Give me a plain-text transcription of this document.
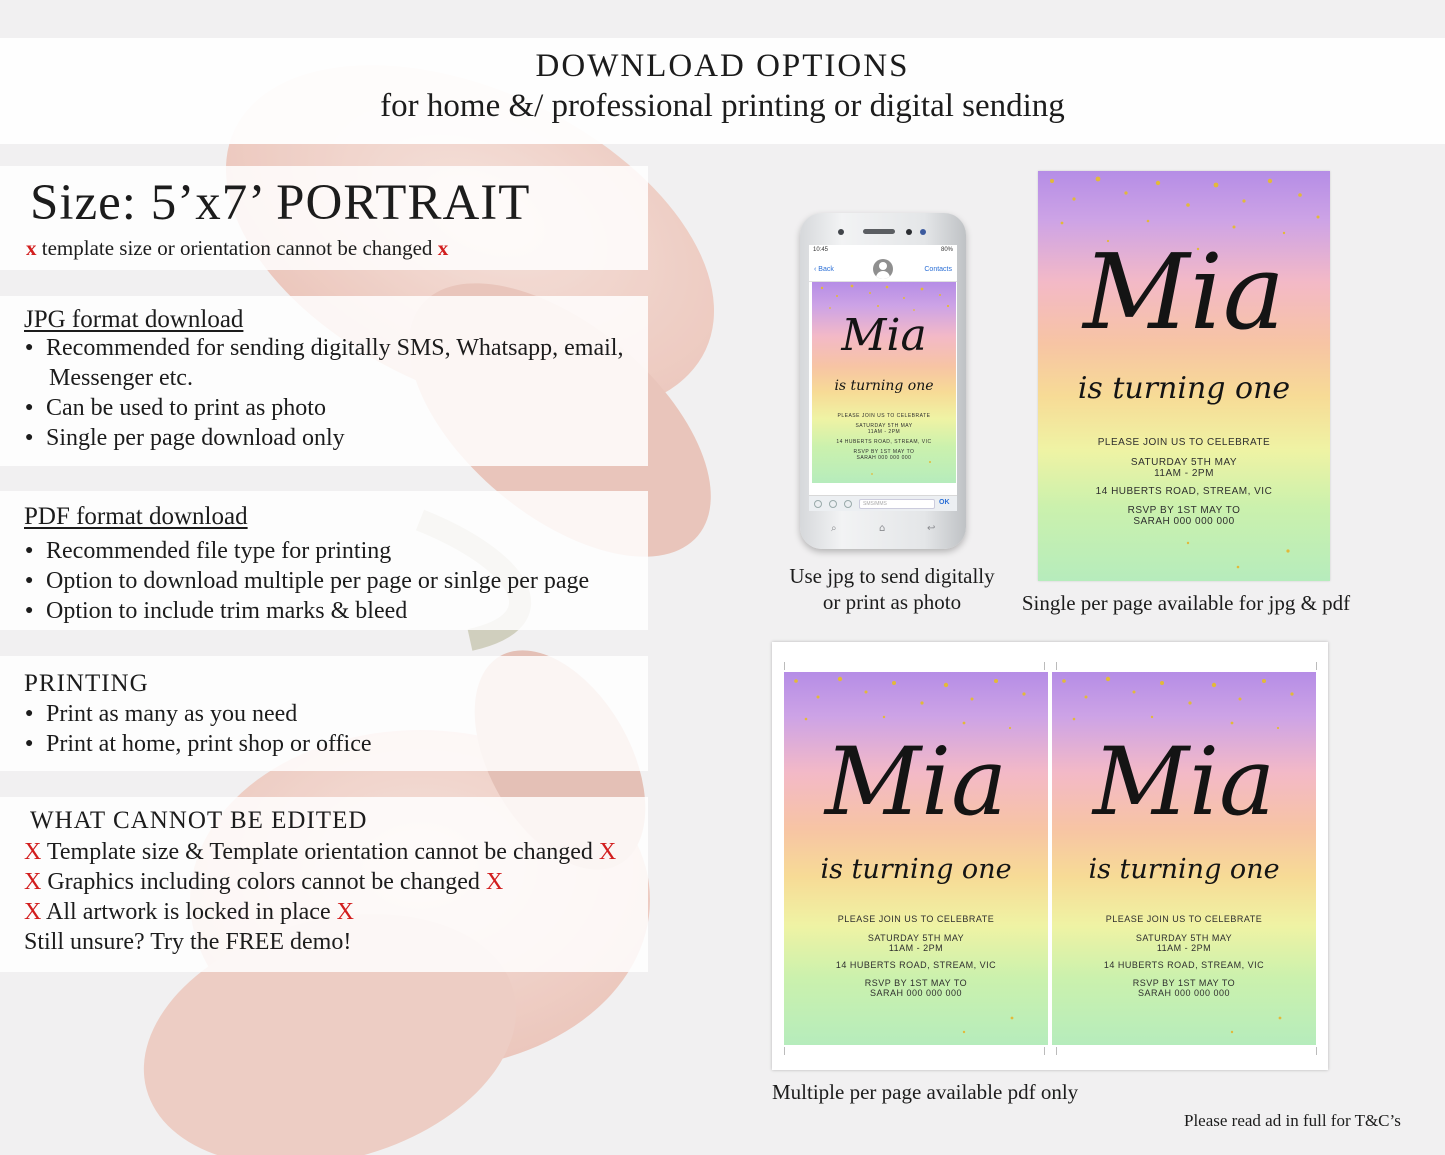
DOWNLOAD OPTIONS
for home &/ professional printing or digital sending
Size: 5’x7’ PORTRAIT
x template size or orientation cannot be changed x
JPG format download
● Recommended for sending digitally SMS, Whatsapp, email,
Messenger etc.
● Can be used to print as photo
● Single per page download only
PDF format download
● Recommended file type for printing
● Option to download multiple per page or sinlge per page
● Option to include trim marks & bleed
PRINTING
● Print as many as you need
● Print at home, print shop or office
WHAT CANNOT BE EDITED
X Template size & Template orientation cannot be changed X
X Graphics including colors cannot be changed X
X All artwork is locked in place X
Still unsure? Try the FREE demo!
10:45	80%
‹ Back	Contacts
SMS/MMS	OK
⌕	⌂	↩
Mia
is turning one
PLEASE JOIN US TO CELEBRATE
SATURDAY 5TH MAY
11AM - 2PM
14 HUBERTS ROAD, STREAM, VIC
RSVP BY 1ST MAY TO
SARAH 000 000 000
Use jpg to send digitally
or print as photo
Mia
is turning one
PLEASE JOIN US TO CELEBRATE
SATURDAY 5TH MAY
11AM - 2PM
14 HUBERTS ROAD, STREAM, VIC
RSVP BY 1ST MAY TO
SARAH 000 000 000
Single per page available for jpg & pdf
Mia
is turning one
PLEASE JOIN US TO CELEBRATE
SATURDAY 5TH MAY
11AM - 2PM
14 HUBERTS ROAD, STREAM, VIC
RSVP BY 1ST MAY TO
SARAH 000 000 000
Mia
is turning one
PLEASE JOIN US TO CELEBRATE
SATURDAY 5TH MAY
11AM - 2PM
14 HUBERTS ROAD, STREAM, VIC
RSVP BY 1ST MAY TO
SARAH 000 000 000
Multiple per page available pdf only
Please read ad in full for T&C’s
